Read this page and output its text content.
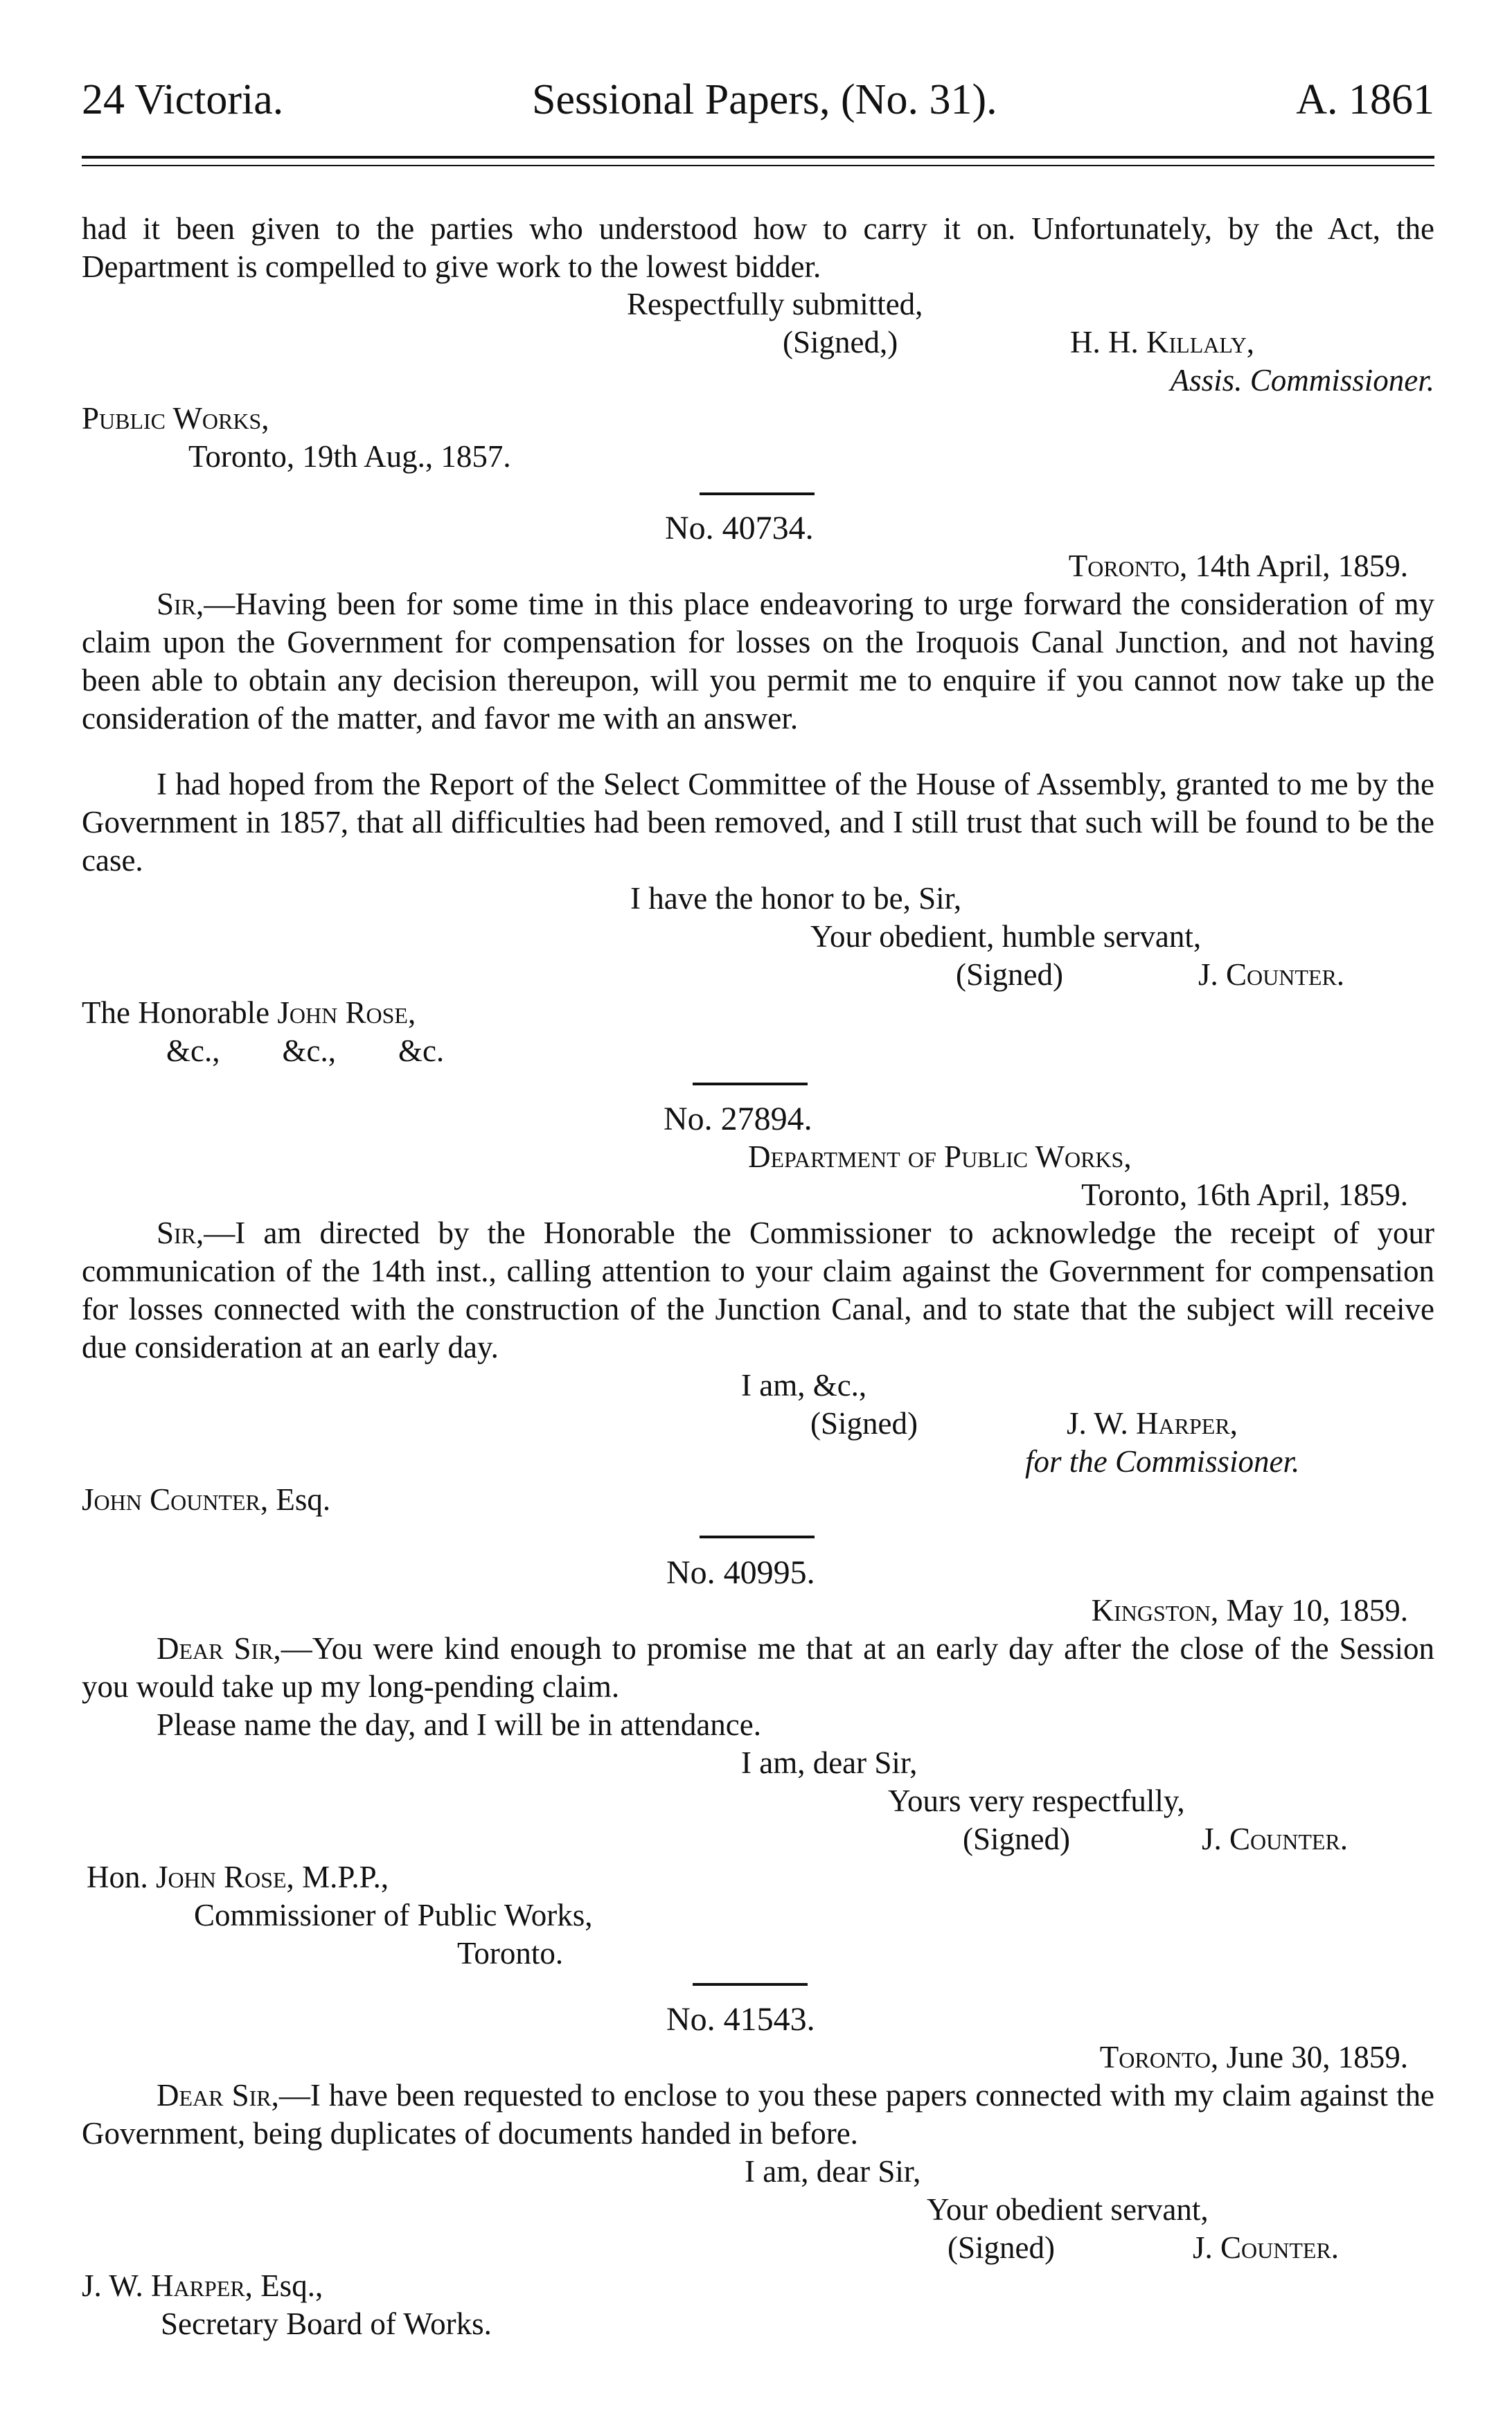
24 Victoria.	Sessional Papers, (No. 31).	A. 1861

had it been given to the parties who understood how to carry it on. Unfortunately, by the Act, the Department is compelled to give work to the lowest bidder.

Respectfully submitted,
(Signed,)	H. H. Killaly,
Assis. Commissioner.
Public Works,
Toronto, 19th Aug., 1857.
No. 40734.
Toronto, 14th April, 1859.

Sir,—Having been for some time in this place endeavoring to urge forward the consideration of my claim upon the Government for compensation for losses on the Iroquois Canal Junction, and not having been able to obtain any decision thereupon, will you permit me to enquire if you cannot now take up the consideration of the matter, and favor me with an answer.

I had hoped from the Report of the Select Committee of the House of Assembly, granted to me by the Government in 1857, that all difficulties had been removed, and I still trust that such will be found to be the case.

I have the honor to be, Sir,
Your obedient, humble servant,
(Signed)	J. Counter.
The Honorable John Rose,
&c.,        &c.,        &c.
No. 27894.
Department of Public Works,
Toronto, 16th April, 1859.

Sir,—I am directed by the Honorable the Commissioner to acknowledge the receipt of your communication of the 14th inst., calling attention to your claim against the Government for compensation for losses connected with the construction of the Junction Canal, and to state that the subject will receive due consideration at an early day.

I am, &c.,
(Signed)	J. W. Harper,
for the Commissioner.
John Counter, Esq.
No. 40995.
Kingston, May 10, 1859.

Dear Sir,—You were kind enough to promise me that at an early day after the close of the Session you would take up my long-pending claim.

Please name the day, and I will be in attendance.
I am, dear Sir,
Yours very respectfully,
(Signed)	J. Counter.
Hon. John Rose, M.P.P.,
Commissioner of Public Works,
Toronto.
No. 41543.
Toronto, June 30, 1859.

Dear Sir,—I have been requested to enclose to you these papers connected with my claim against the Government, being duplicates of documents handed in before.

I am, dear Sir,
Your obedient servant,
(Signed)	J. Counter.
J. W. Harper, Esq.,
Secretary Board of Works.
